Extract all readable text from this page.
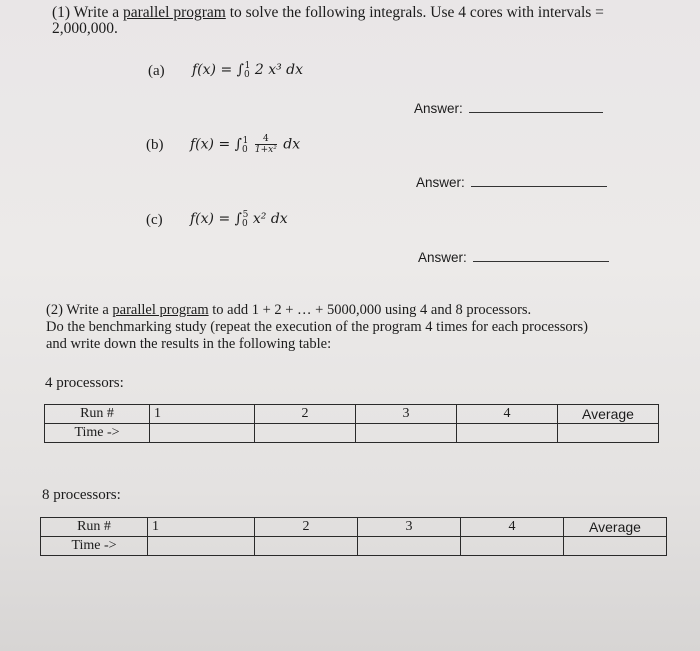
(1) Write a parallel program to solve the following integrals. Use 4 cores with intervals =
2,000,000.
(a) $f(x) = \int_0^1$ 2 x³ dx
Answer:
(b) $f(x) = \int_0^1 \frac{4}{\text{1+x²}}$ dx
Answer:
(c) $f(x) = \int_0^5$ x² dx
Answer:
(2) Write a parallel program to add 1 + 2 + … + 5000,000 using 4 and 8 processors.
Do the benchmarking study (repeat the execution of the program 4 times for each processors)
and write down the results in the following table:
4 processors:
Run #	1	2	3	4	Average
Time ->					
8 processors:
Run #	1	2	3	4	Average
Time ->					
